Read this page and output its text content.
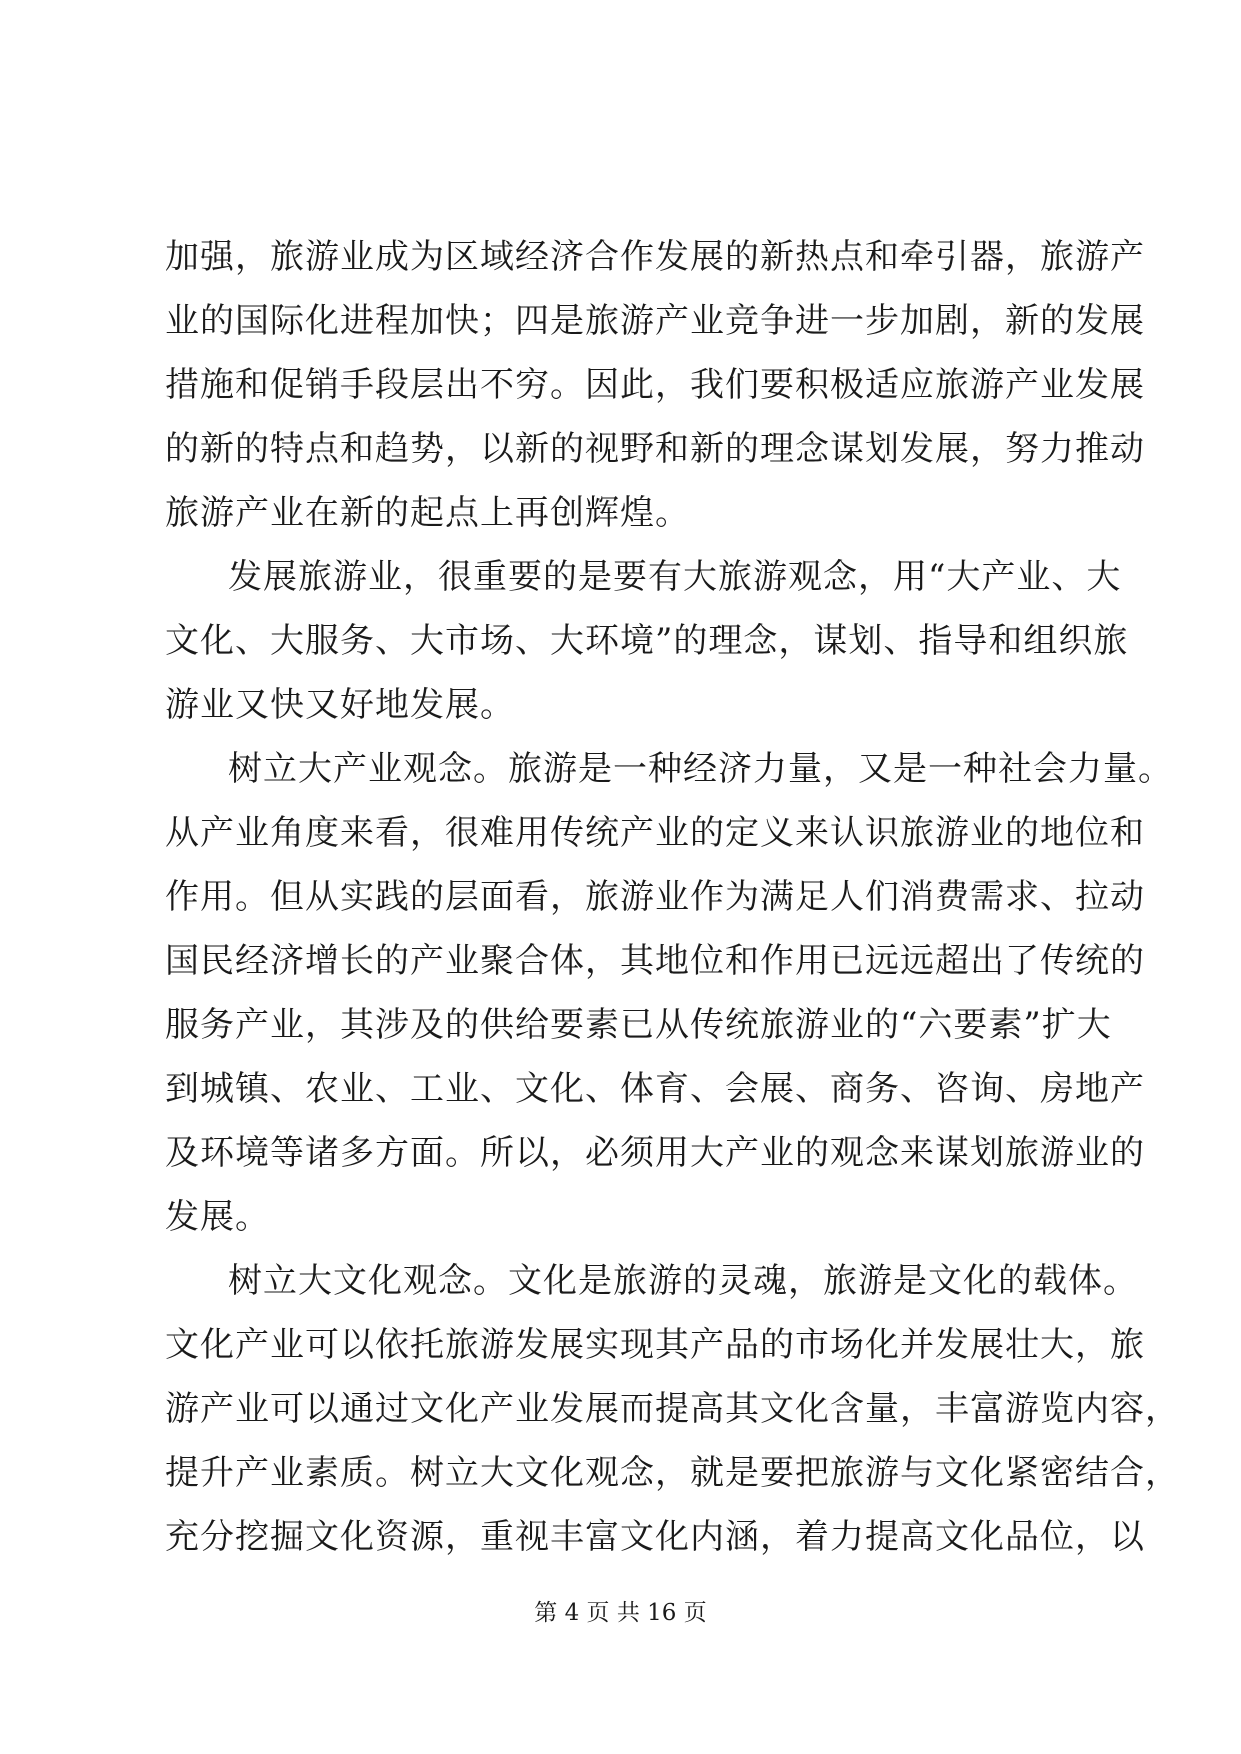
加强，旅游业成为区域经济合作发展的新热点和牵引器，旅游产
业的国际化进程加快；四是旅游产业竞争进一步加剧，新的发展
措施和促销手段层出不穷。因此，我们要积极适应旅游产业发展
的新的特点和趋势，以新的视野和新的理念谋划发展，努力推动
旅游产业在新的起点上再创辉煌。
发展旅游业，很重要的是要有大旅游观念，用“大产业、大
文化、大服务、大市场、大环境”的理念，谋划、指导和组织旅
游业又快又好地发展。
树立大产业观念。旅游是一种经济力量，又是一种社会力量。
从产业角度来看，很难用传统产业的定义来认识旅游业的地位和
作用。但从实践的层面看，旅游业作为满足人们消费需求、拉动
国民经济增长的产业聚合体，其地位和作用已远远超出了传统的
服务产业，其涉及的供给要素已从传统旅游业的“六要素”扩大
到城镇、农业、工业、文化、体育、会展、商务、咨询、房地产
及环境等诸多方面。所以，必须用大产业的观念来谋划旅游业的
发展。
树立大文化观念。文化是旅游的灵魂，旅游是文化的载体。
文化产业可以依托旅游发展实现其产品的市场化并发展壮大，旅
游产业可以通过文化产业发展而提高其文化含量，丰富游览内容，
提升产业素质。树立大文化观念，就是要把旅游与文化紧密结合，
充分挖掘文化资源，重视丰富文化内涵，着力提高文化品位，以
第 4 页 共 16 页
